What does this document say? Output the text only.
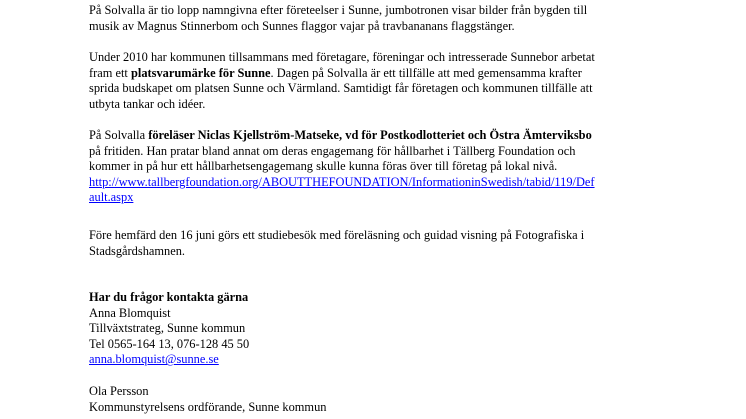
På Solvalla är tio lopp namngivna efter företeelser i Sunne, jumbotronen visar bilder från bygden till
musik av Magnus Stinnerbom och Sunnes flaggor vajar på travbananans flaggstänger.
Under 2010 har kommunen tillsammans med företagare, föreningar och intresserade Sunnebor arbetat
fram ett platsvarumärke för Sunne. Dagen på Solvalla är ett tillfälle att med gemensamma krafter
sprida budskapet om platsen Sunne och Värmland. Samtidigt får företagen och kommunen tillfälle att
utbyta tankar och idéer.
På Solvalla föreläser Niclas Kjellström-Matseke, vd för Postkodlotteriet och Östra Ämterviksbo
på fritiden. Han pratar bland annat om deras engagemang för hållbarhet i Tällberg Foundation och
kommer in på hur ett hållbarhetsengagemang skulle kunna föras över till företag på lokal nivå.
http://www.tallbergfoundation.org/ABOUTTHEFOUNDATION/InformationinSwedish/tabid/119/Def
ault.aspx
Före hemfärd den 16 juni görs ett studiebesök med föreläsning och guidad visning på Fotografiska i
Stadsgårdshamnen.
Har du frågor kontakta gärna
Anna Blomquist
Tillväxtstrateg, Sunne kommun
Tel 0565-164 13, 076-128 45 50
anna.blomquist@sunne.se
Ola Persson
Kommunstyrelsens ordförande, Sunne kommun
